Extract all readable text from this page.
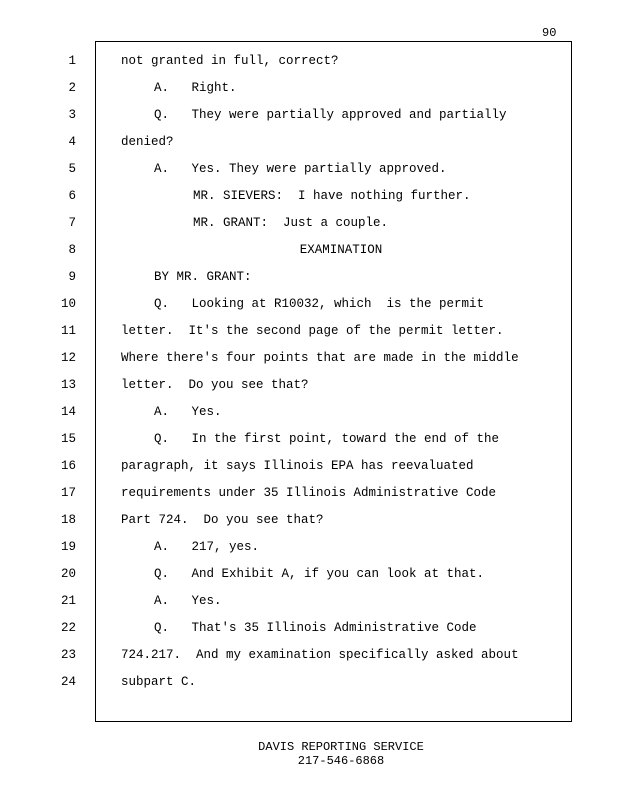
90
1
2
3
4
5
6
7
8
9
10
11
12
13
14
15
16
17
18
19
20
21
22
23
24
not granted in full, correct?
A.   Right.
Q.   They were partially approved and partially
denied?
A.   Yes. They were partially approved.
MR. SIEVERS:  I have nothing further.
MR. GRANT:  Just a couple.
EXAMINATION
BY MR. GRANT:
Q.   Looking at R10032, which  is the permit
letter.  It's the second page of the permit letter.
Where there's four points that are made in the middle
letter.  Do you see that?
A.   Yes.
Q.   In the first point, toward the end of the
paragraph, it says Illinois EPA has reevaluated
requirements under 35 Illinois Administrative Code
Part 724.  Do you see that?
A.   217, yes.
Q.   And Exhibit A, if you can look at that.
A.   Yes.
Q.   That's 35 Illinois Administrative Code
724.217.  And my examination specifically asked about
subpart C.
DAVIS REPORTING SERVICE
217-546-6868
